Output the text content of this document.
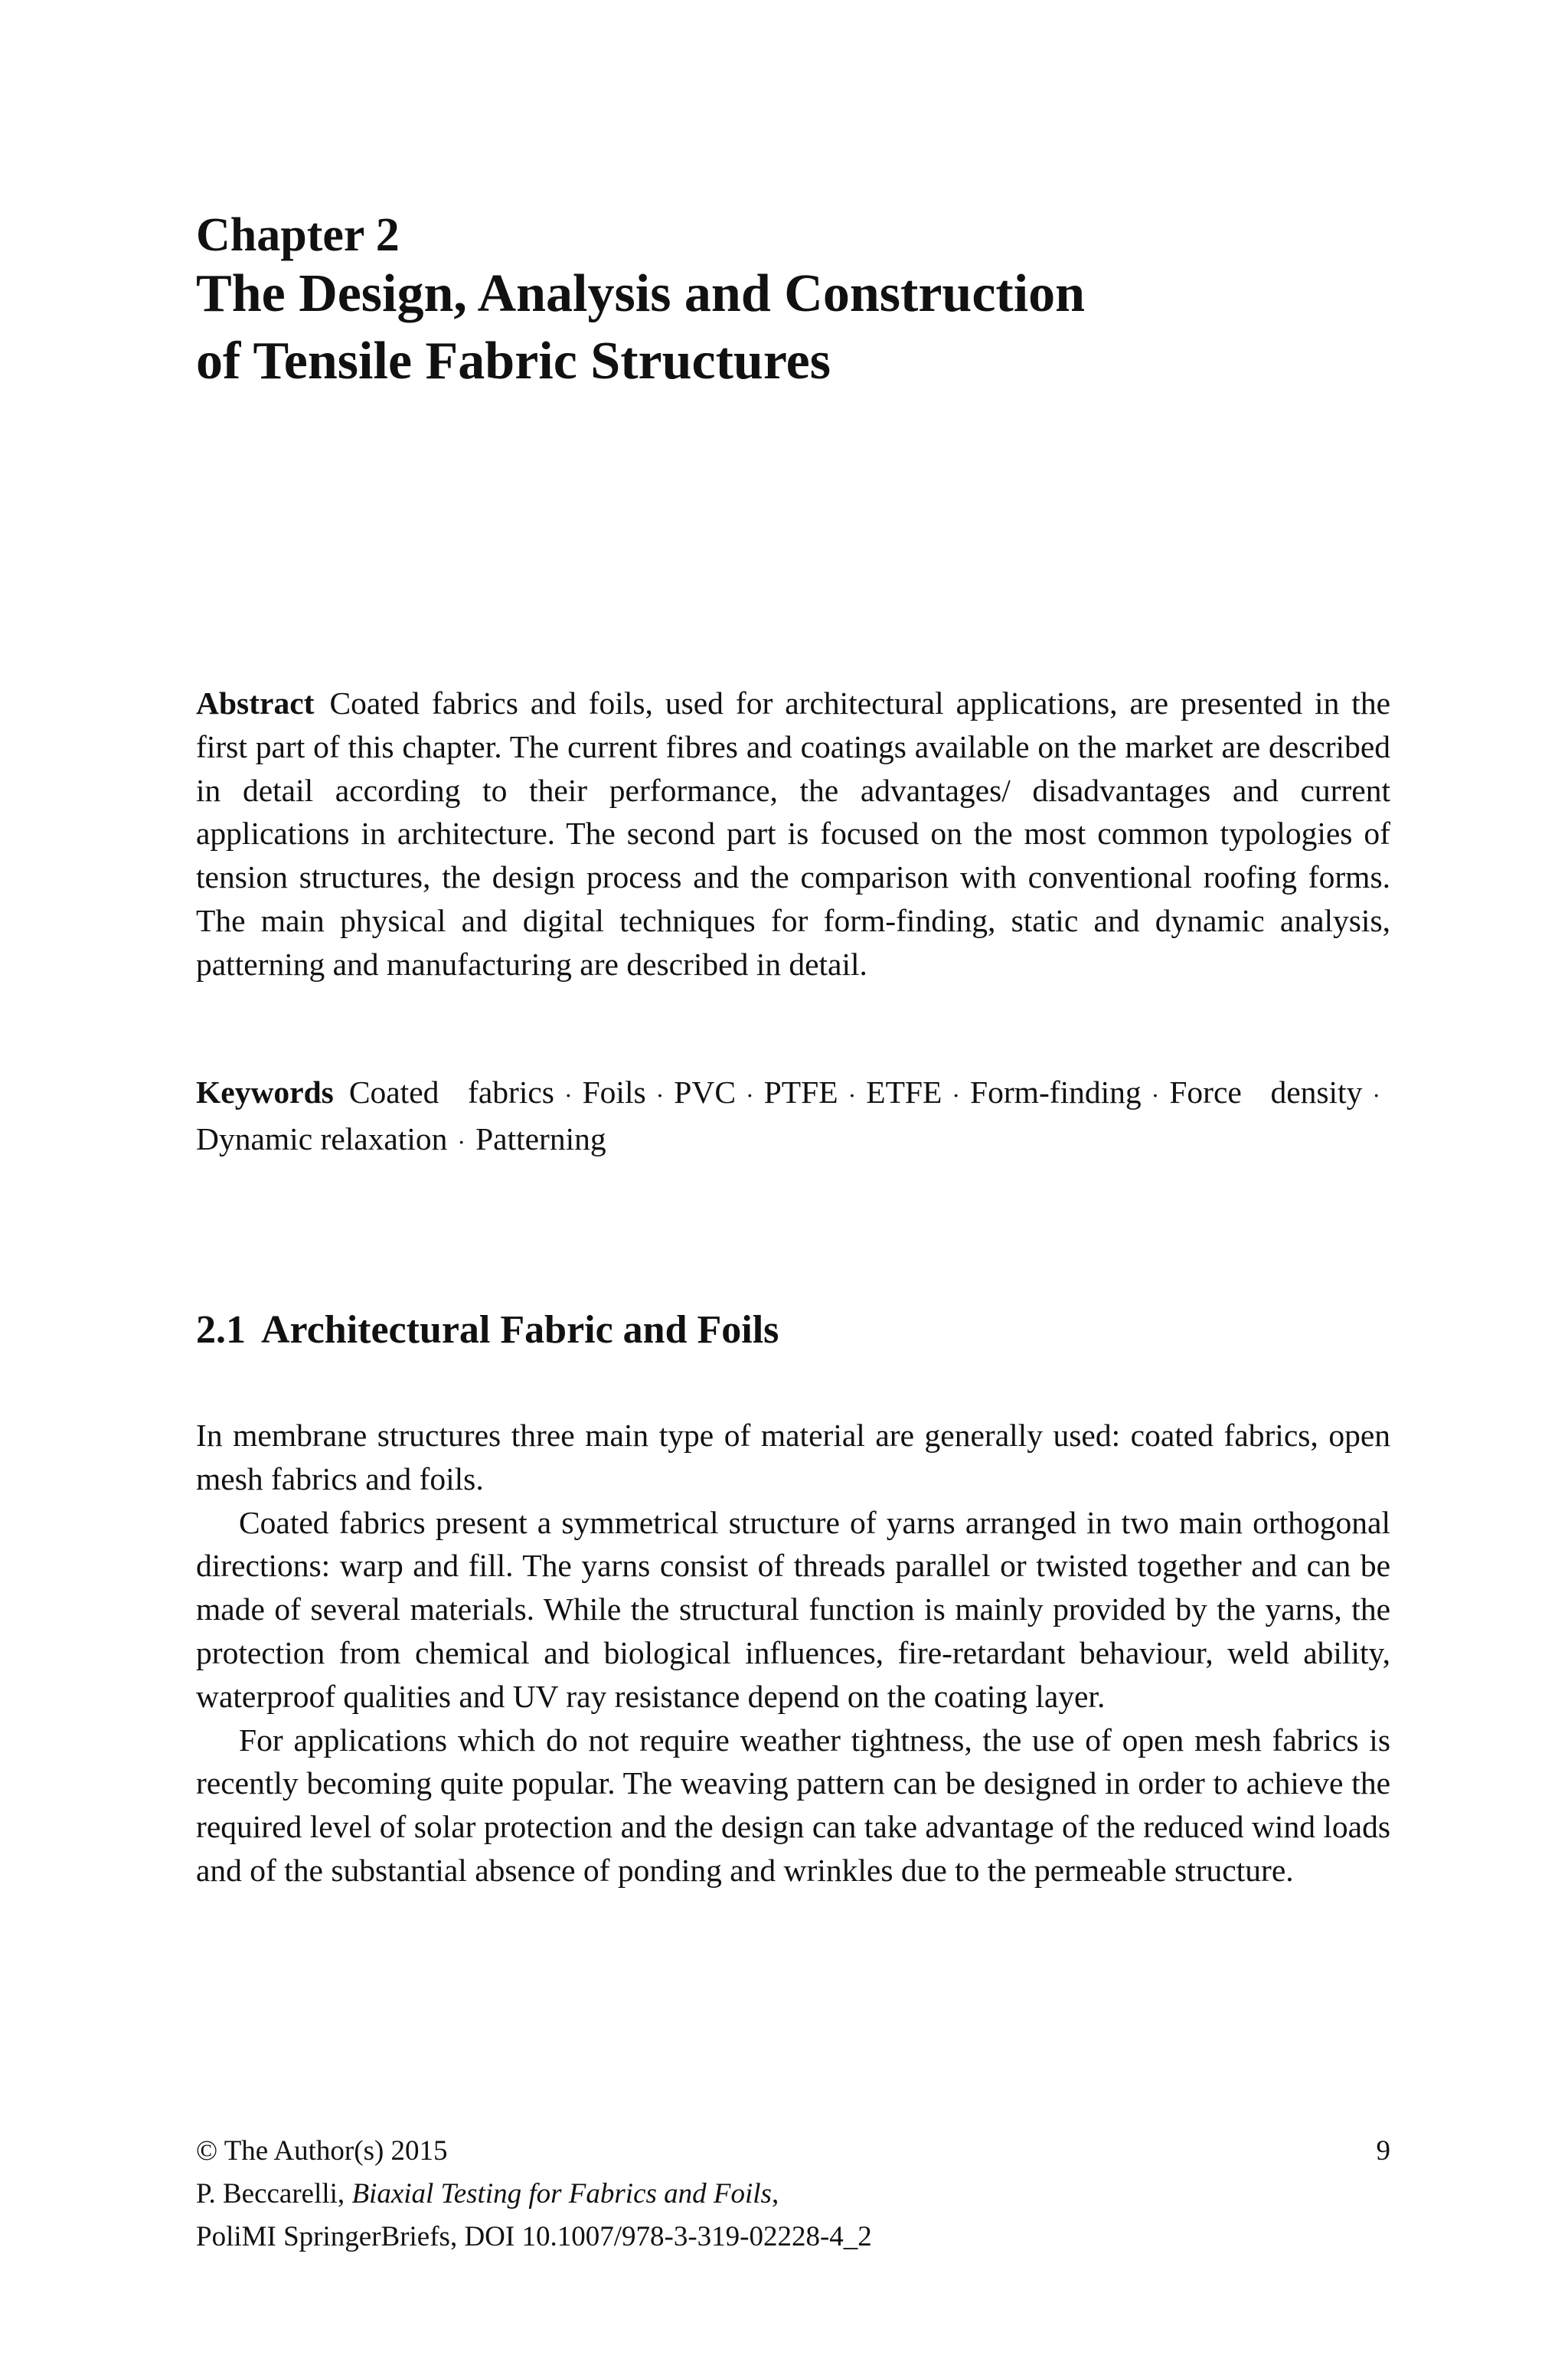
Chapter 2
The Design, Analysis and Construction
of Tensile Fabric Structures

Abstract Coated fabrics and foils, used for architectural applications, are presented in the first part of this chapter. The current fibres and coatings available on the market are described in detail according to their performance, the advantages/ disadvantages and current applications in architecture. The second part is focused on the most common typologies of tension structures, the design process and the comparison with conventional roofing forms. The main physical and digital techniques for form-finding, static and dynamic analysis, patterning and manufacturing are described in detail.

Keywords Coated fabrics · Foils · PVC · PTFE · ETFE · Form-finding · Force density ·Dynamic relaxation · Patterning

2.1 Architectural Fabric and Foils

In membrane structures three main type of material are generally used: coated fabrics, open mesh fabrics and foils.

Coated fabrics present a symmetrical structure of yarns arranged in two main orthogonal directions: warp and fill. The yarns consist of threads parallel or twisted together and can be made of several materials. While the structural function is mainly provided by the yarns, the protection from chemical and biological influences, fire-retardant behaviour, weld ability, waterproof qualities and UV ray resistance depend on the coating layer.

For applications which do not require weather tightness, the use of open mesh fabrics is recently becoming quite popular. The weaving pattern can be designed in order to achieve the required level of solar protection and the design can take advantage of the reduced wind loads and of the substantial absence of ponding and wrinkles due to the permeable structure.

© The Author(s) 2015
P. Beccarelli, Biaxial Testing for Fabrics and Foils,
PoliMI SpringerBriefs, DOI 10.1007/978-3-319-02228-4_2
9
